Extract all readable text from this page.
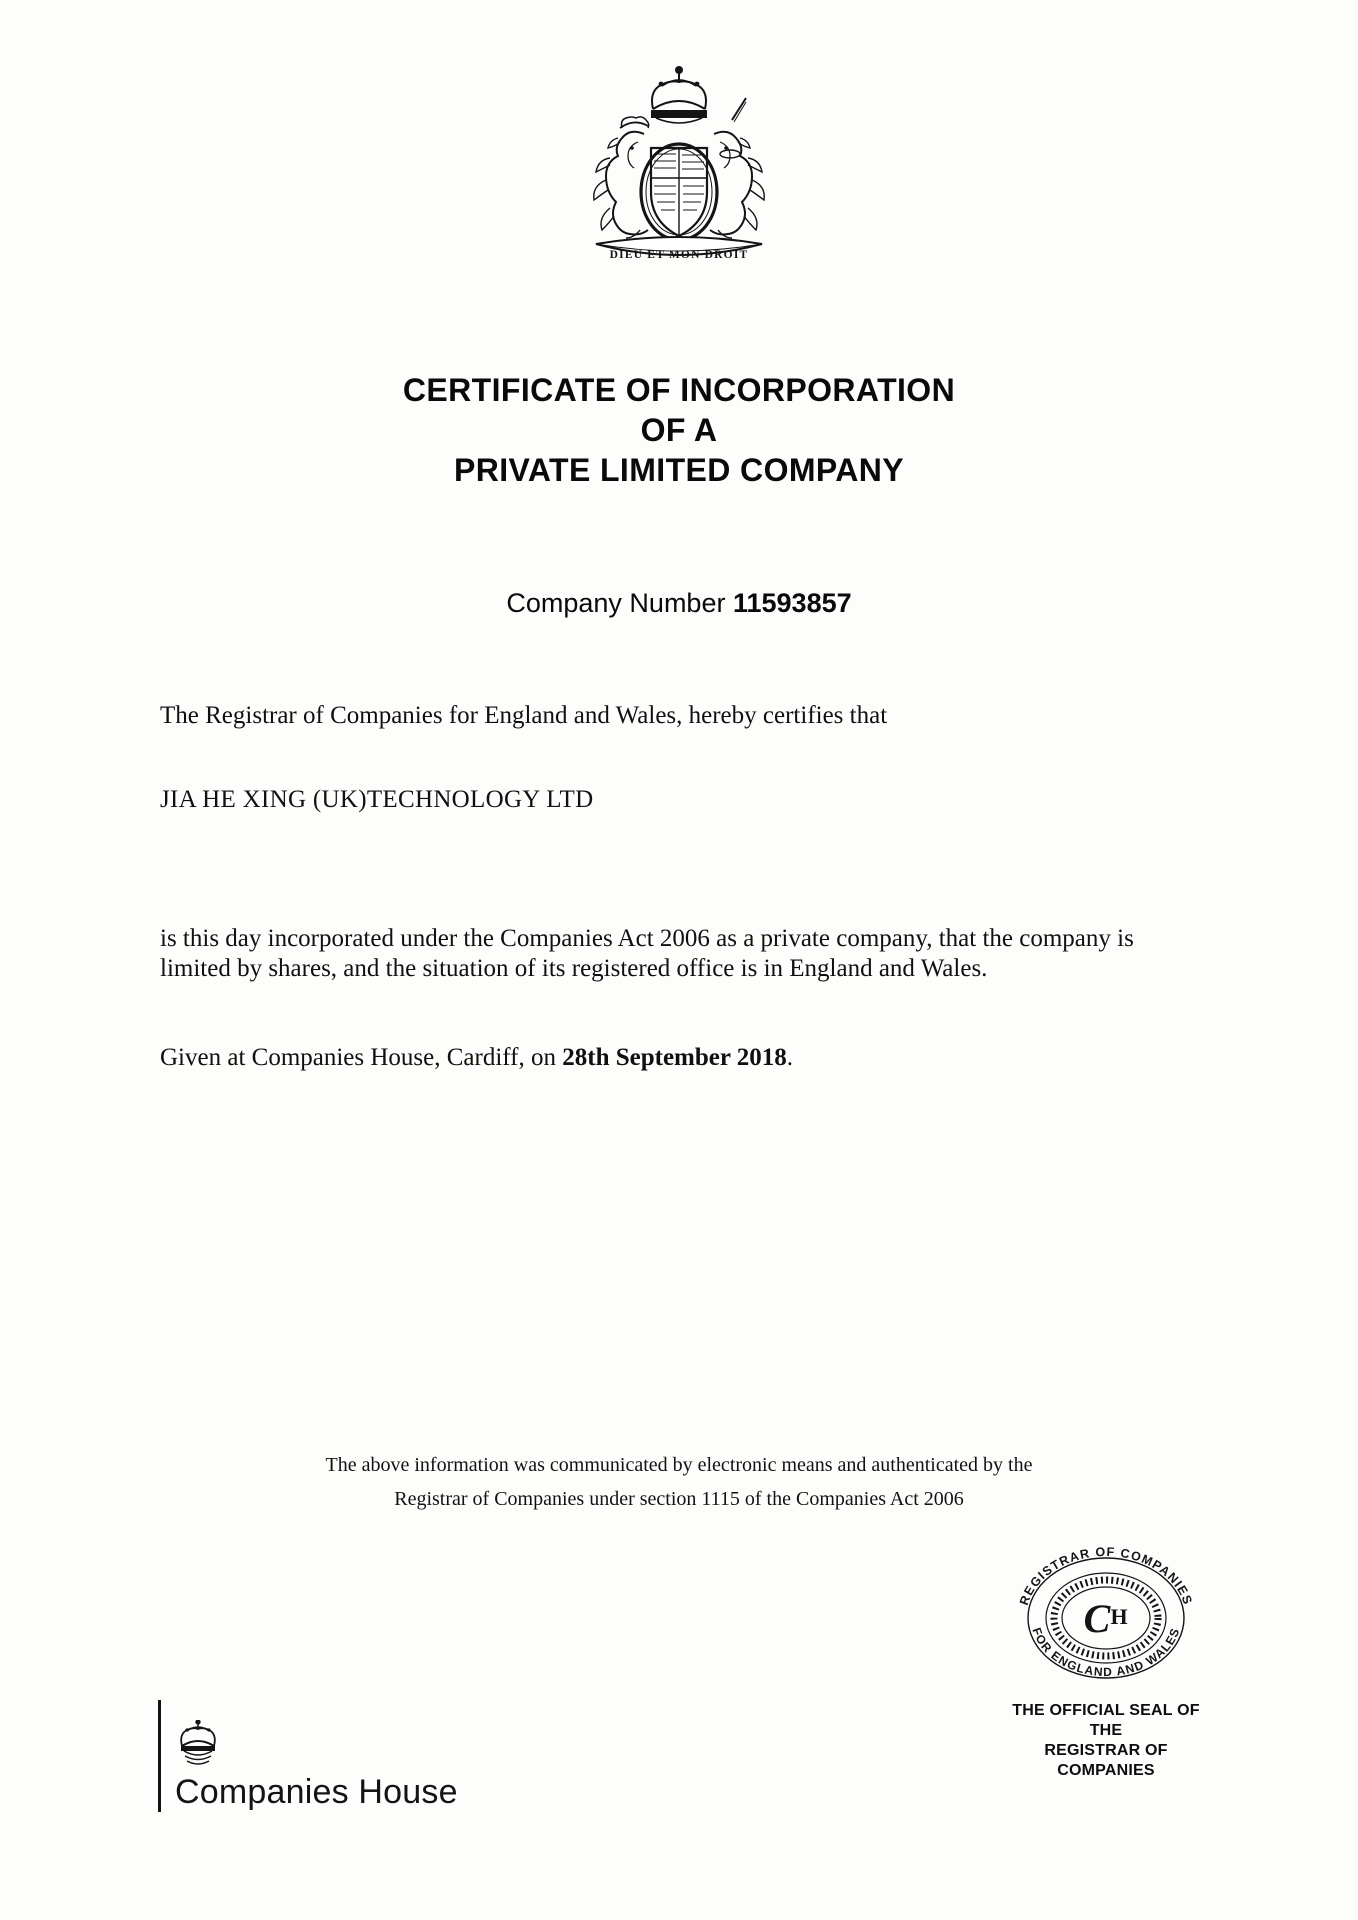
DIEU ET MON DROIT
CERTIFICATE OF INCORPORATION
OF A
PRIVATE LIMITED COMPANY
Company Number 11593857
The Registrar of Companies for England and Wales, hereby certifies that
JIA HE XING (UK)TECHNOLOGY LTD
is this day incorporated under the Companies Act 2006 as a private company, that the company is limited by shares, and the situation of its registered office is in England and Wales.
Given at Companies House, Cardiff, on 28th September 2018.
The above information was communicated by electronic means and authenticated by the
Registrar of Companies under section 1115 of the Companies Act 2006
REGISTRAR OF COMPANIES
FOR ENGLAND AND WALES
C H
THE OFFICIAL SEAL OF THE
REGISTRAR OF COMPANIES
Companies House
